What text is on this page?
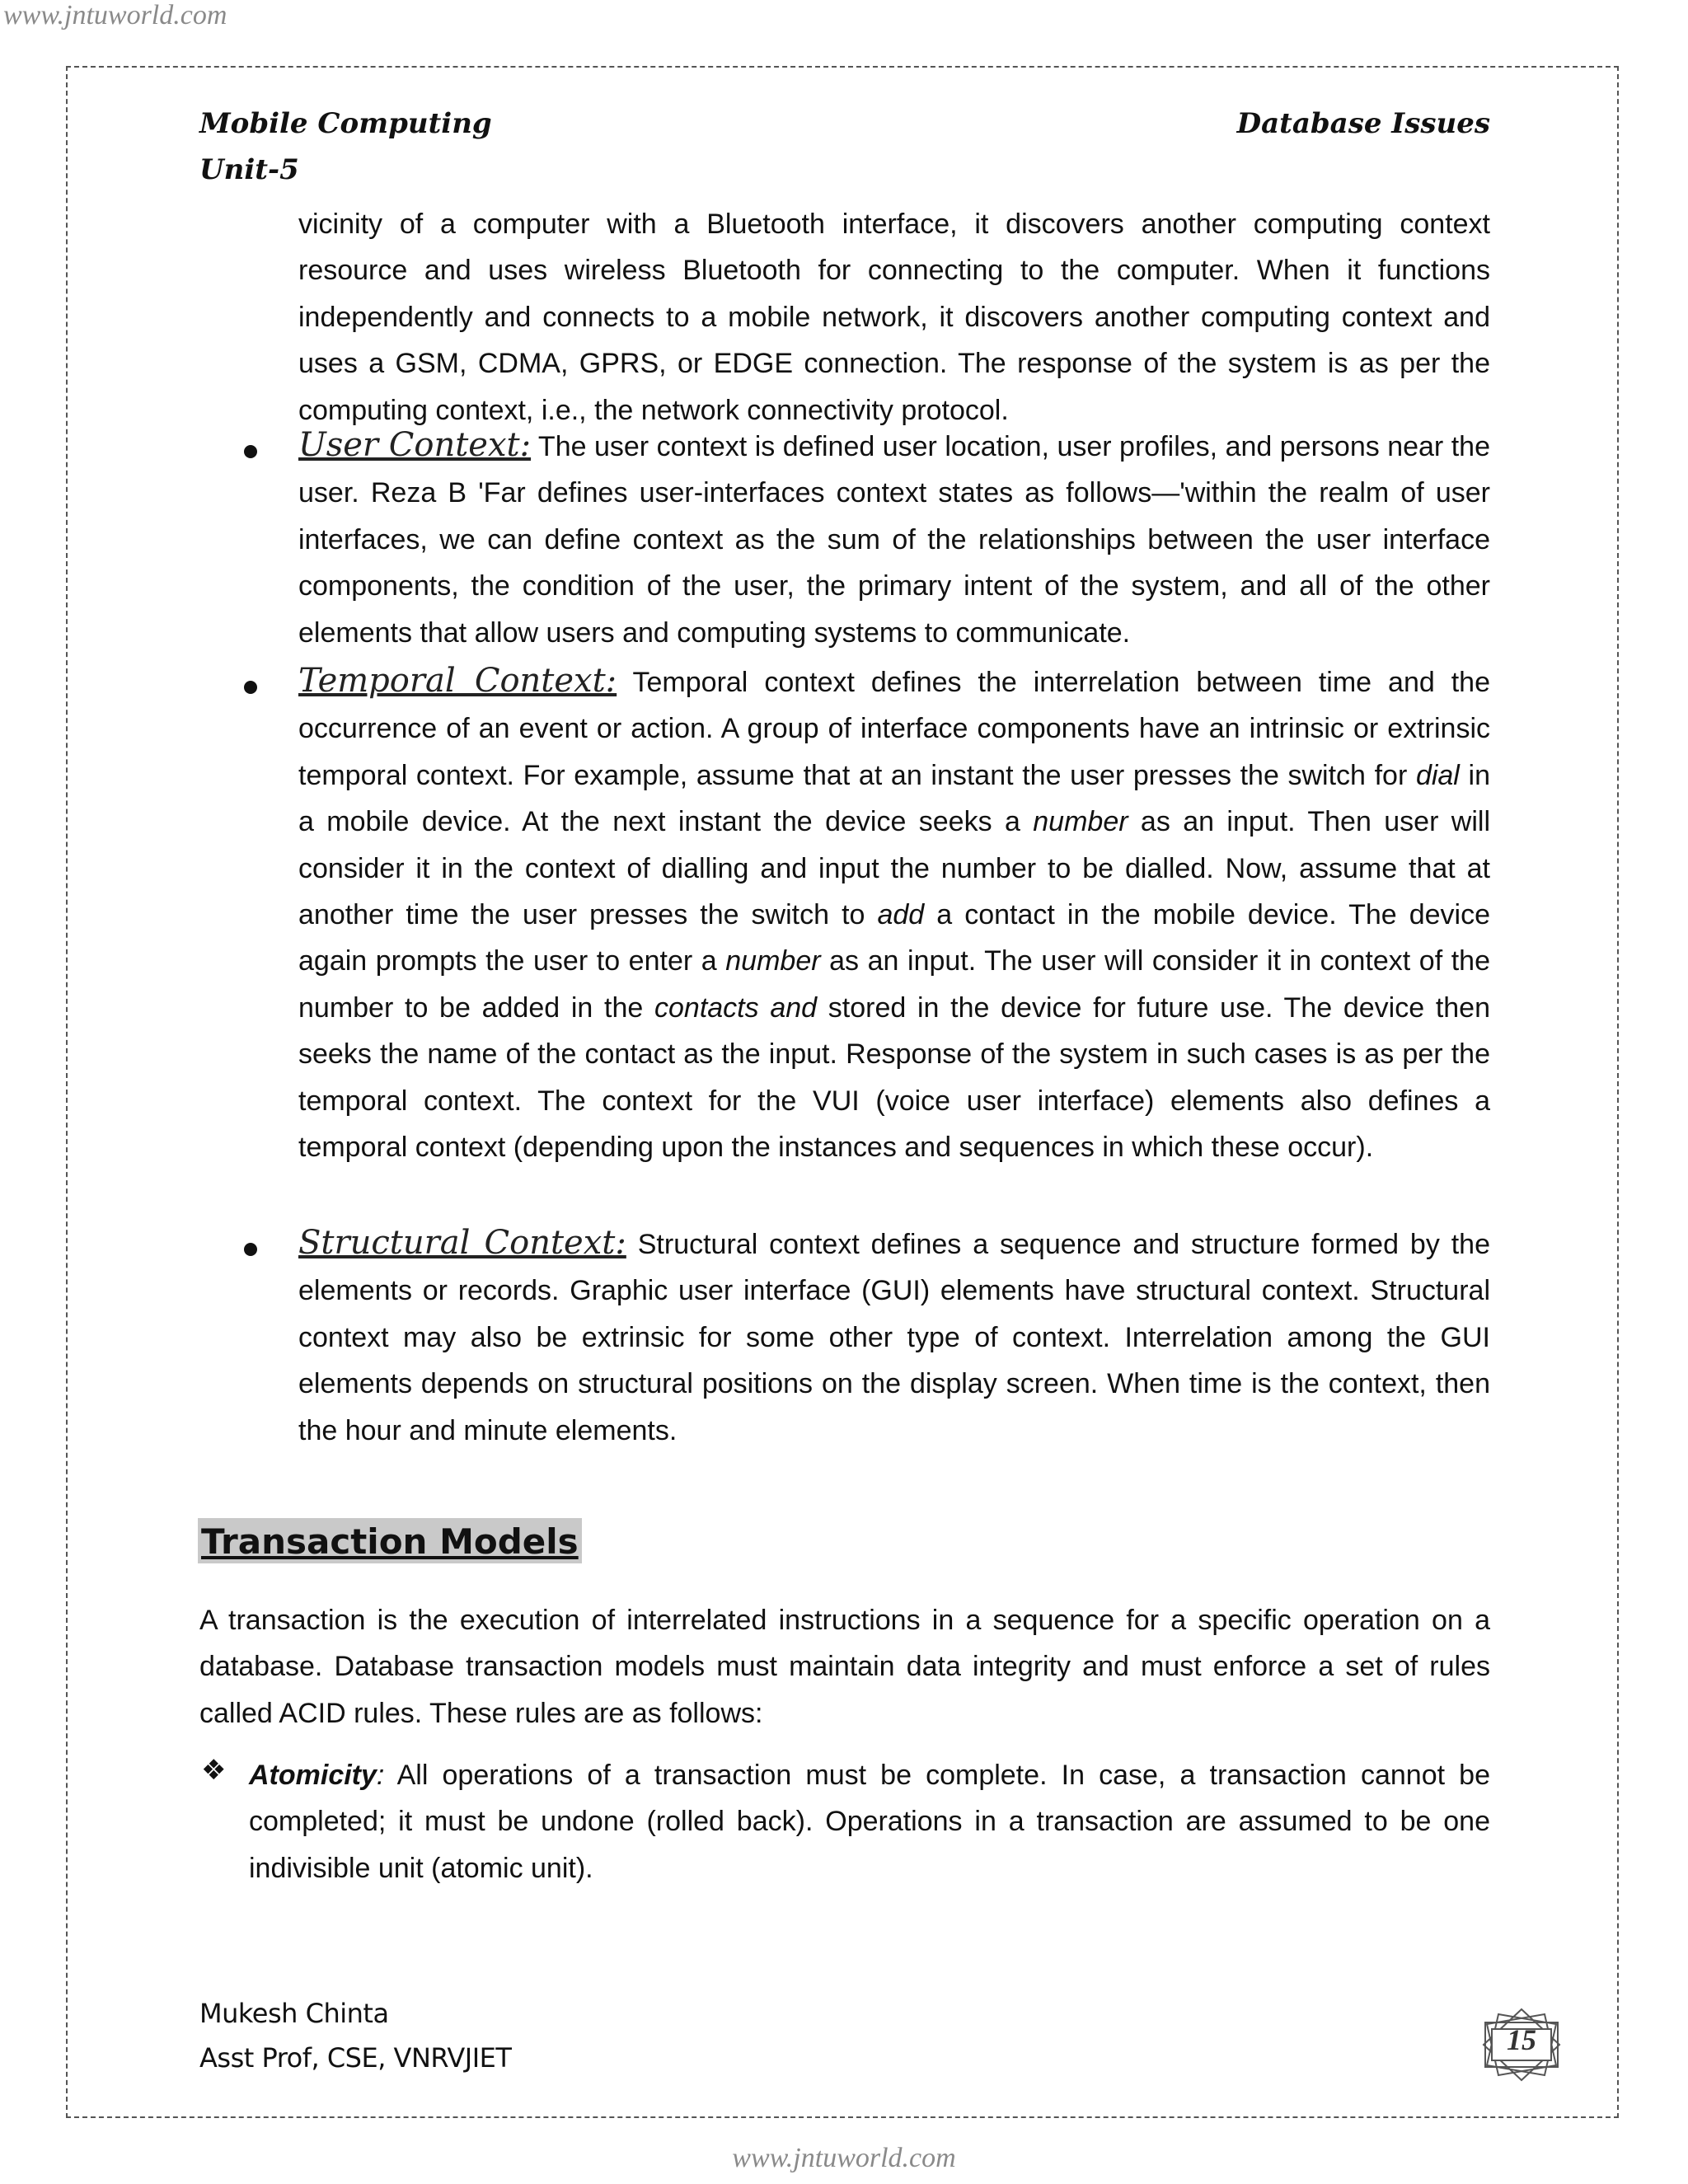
www.jntuworld.com
Mobile Computing
Unit-5
Database Issues
vicinity of a computer with a Bluetooth interface, it discovers another computing context resource and uses wireless Bluetooth for connecting to the computer. When it functions independently and connects to a mobile network, it discovers another computing context and uses a GSM, CDMA, GPRS, or EDGE connection. The response of the system is as per the computing context, i.e., the network connectivity protocol.
User Context: The user context is defined user location, user profiles, and persons near the user. Reza B 'Far defines user-interfaces context states as follows—'within the realm of user interfaces, we can define context as the sum of the relationships between the user interface components, the condition of the user, the primary intent of the system, and all of the other elements that allow users and computing systems to communicate.
Temporal Context: Temporal context defines the interrelation between time and the occurrence of an event or action. A group of interface components have an intrinsic or extrinsic temporal context. For example, assume that at an instant the user presses the switch for dial in a mobile device. At the next instant the device seeks a number as an input. Then user will consider it in the context of dialling and input the number to be dialled. Now, assume that at another time the user presses the switch to add a contact in the mobile device. The device again prompts the user to enter a number as an input. The user will consider it in context of the number to be added in the contacts and stored in the device for future use. The device then seeks the name of the contact as the input. Response of the system in such cases is as per the temporal context. The context for the VUI (voice user interface) elements also defines a temporal context (depending upon the instances and sequences in which these occur).
Structural Context: Structural context defines a sequence and structure formed by the elements or records. Graphic user interface (GUI) elements have structural context. Structural context may also be extrinsic for some other type of context. Interrelation among the GUI elements depends on structural positions on the display screen. When time is the context, then the hour and minute elements.
Transaction Models
A transaction is the execution of interrelated instructions in a sequence for a specific operation on a database. Database transaction models must maintain data integrity and must enforce a set of rules called ACID rules. These rules are as follows:
❖ Atomicity: All operations of a transaction must be complete. In case, a transaction cannot be completed; it must be undone (rolled back). Operations in a transaction are assumed to be one indivisible unit (atomic unit).
Mukesh Chinta
Asst Prof, CSE, VNRVJIET
15
www.jntuworld.com
